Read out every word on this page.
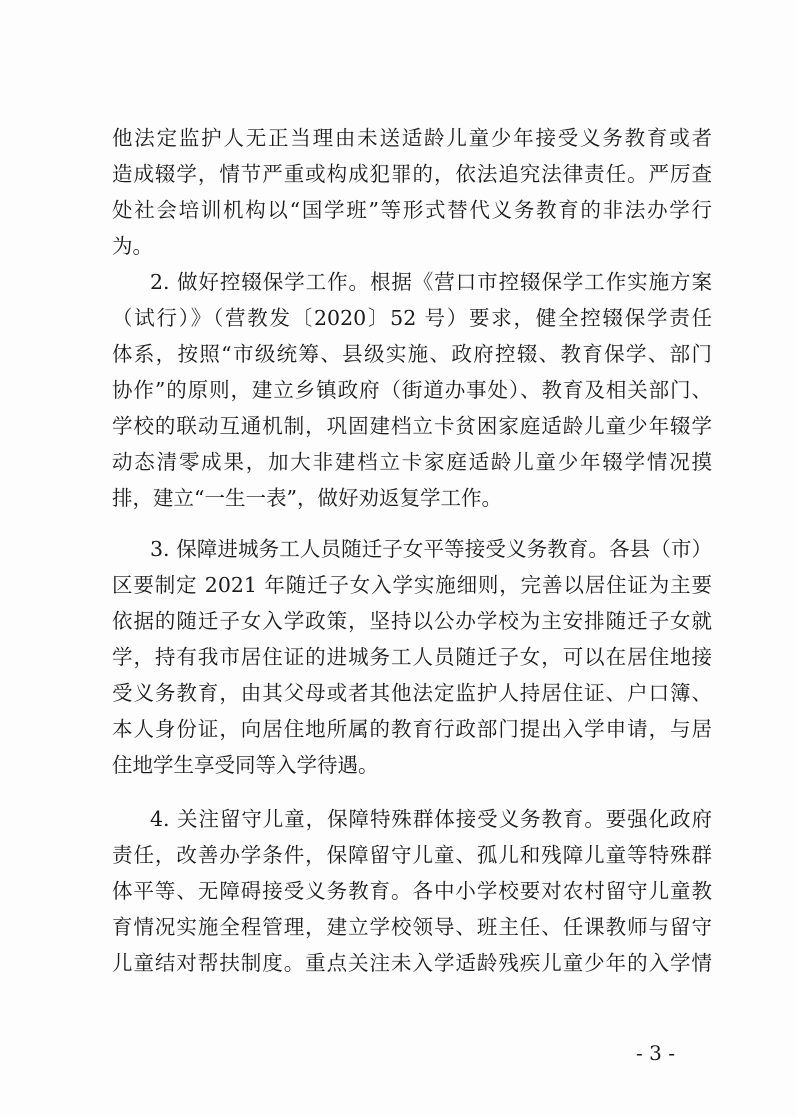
他法定监护人无正当理由未送适龄儿童少年接受义务教育或者
造成辍学，情节严重或构成犯罪的，依法追究法律责任。严厉查
处社会培训机构以“国学班”等形式替代义务教育的非法办学行
为。
2. 做好控辍保学工作。根据《营口市控辍保学工作实施方案
（试行）》（营教发〔2020〕52 号）要求，健全控辍保学责任
体系，按照“市级统筹、县级实施、政府控辍、教育保学、部门
协作”的原则，建立乡镇政府（街道办事处）、教育及相关部门、
学校的联动互通机制，巩固建档立卡贫困家庭适龄儿童少年辍学
动态清零成果，加大非建档立卡家庭适龄儿童少年辍学情况摸
排，建立“一生一表”，做好劝返复学工作。
3. 保障进城务工人员随迁子女平等接受义务教育。各县（市）
区要制定 2021 年随迁子女入学实施细则，完善以居住证为主要
依据的随迁子女入学政策，坚持以公办学校为主安排随迁子女就
学，持有我市居住证的进城务工人员随迁子女，可以在居住地接
受义务教育，由其父母或者其他法定监护人持居住证、户口簿、
本人身份证，向居住地所属的教育行政部门提出入学申请，与居
住地学生享受同等入学待遇。
4. 关注留守儿童，保障特殊群体接受义务教育。要强化政府
责任，改善办学条件，保障留守儿童、孤儿和残障儿童等特殊群
体平等、无障碍接受义务教育。各中小学校要对农村留守儿童教
育情况实施全程管理，建立学校领导、班主任、任课教师与留守
儿童结对帮扶制度。重点关注未入学适龄残疾儿童少年的入学情
- 3 -
